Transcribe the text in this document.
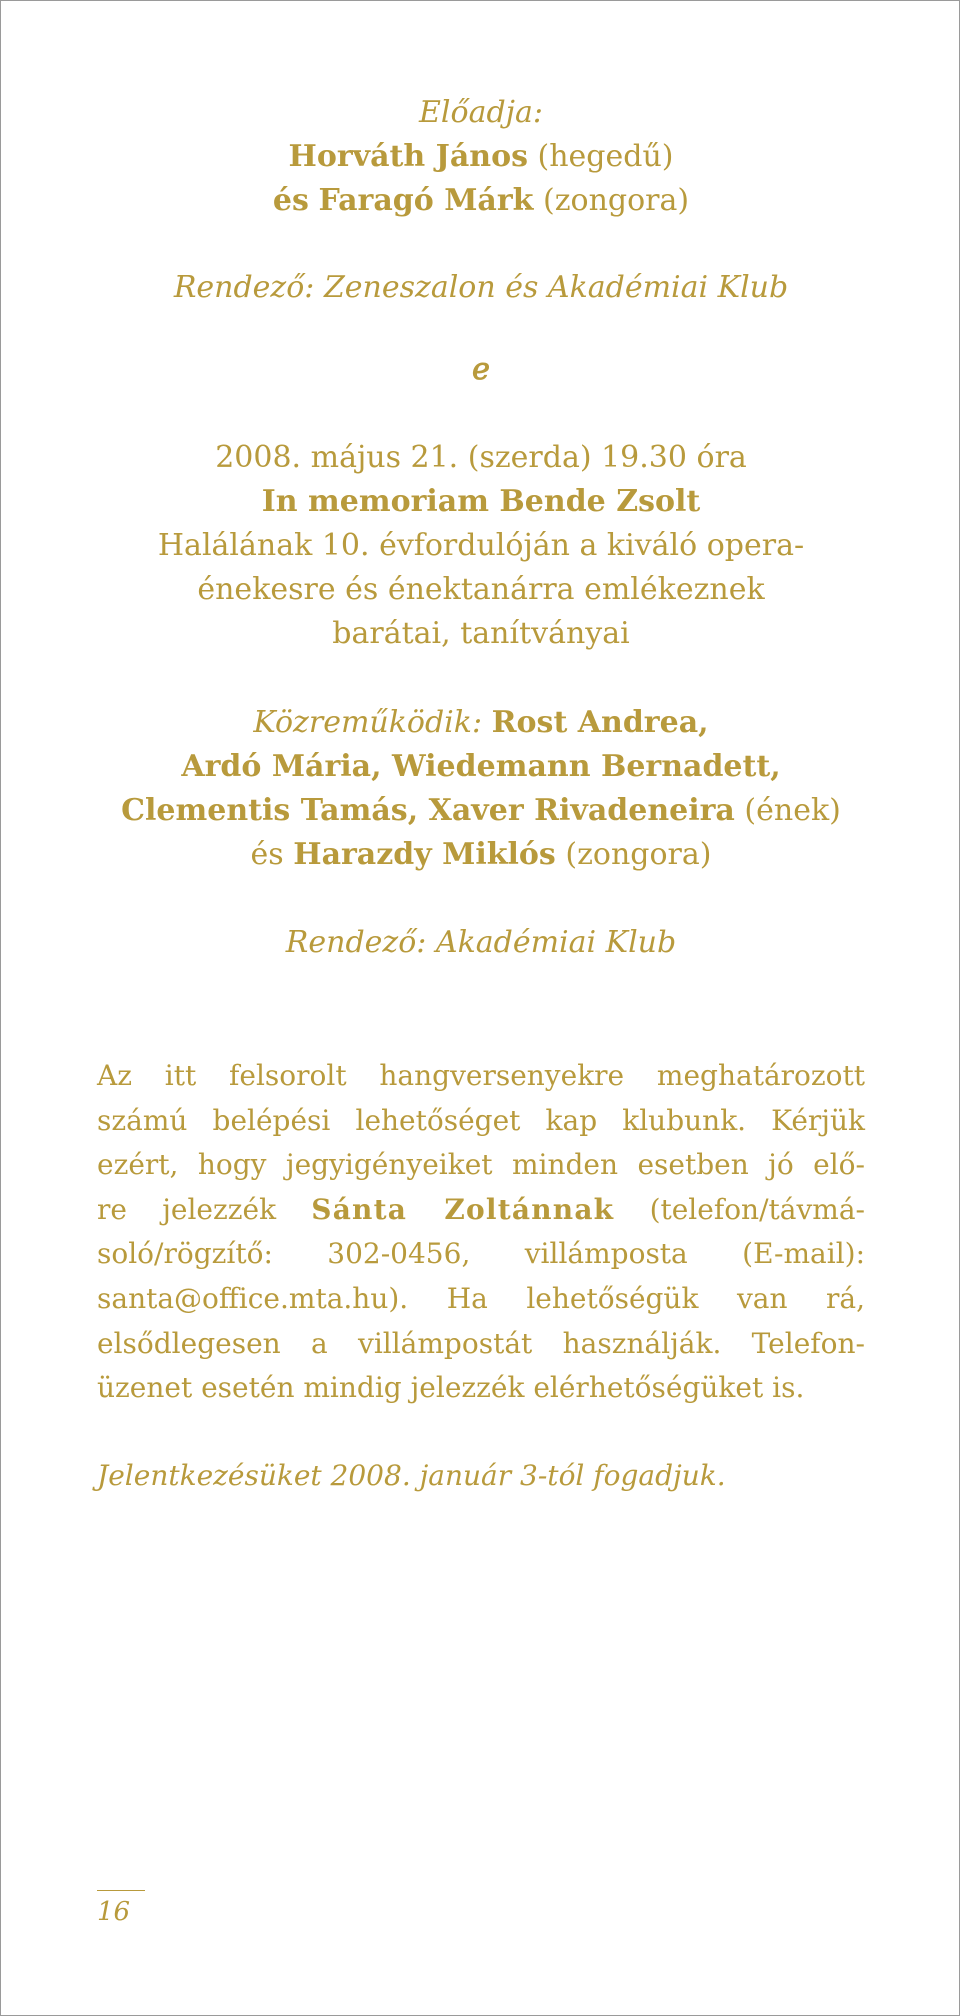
Előadja:
Horváth János (hegedű)
és Faragó Márk (zongora)
Rendező: Zeneszalon és Akadémiai Klub
ℯ
2008. május 21. (szerda) 19.30 óra
In memoriam Bende Zsolt
Halálának 10. évfordulóján a kiváló opera-
énekesre és énektanárra emlékeznek
barátai, tanítványai
Közreműködik: Rost Andrea,
Ardó Mária, Wiedemann Bernadett,
Clementis Tamás, Xaver Rivadeneira (ének)
és Harazdy Miklós (zongora)
Rendező: Akadémiai Klub
Az itt felsorolt hangversenyekre meghatározott
számú belépési lehetőséget kap klubunk. Kérjük
ezért, hogy jegyigényeiket minden esetben jó elő-
re jelezzék Sánta Zoltánnak (telefon/távmá-
soló/rögzítő: 302-0456, villámposta (E-mail):
santa@office.mta.hu). Ha lehetőségük van rá,
elsődlegesen a villámpostát használják. Telefon-
üzenet esetén mindig jelezzék elérhetőségüket is.
Jelentkezésüket 2008. január 3-tól fogadjuk.
16
